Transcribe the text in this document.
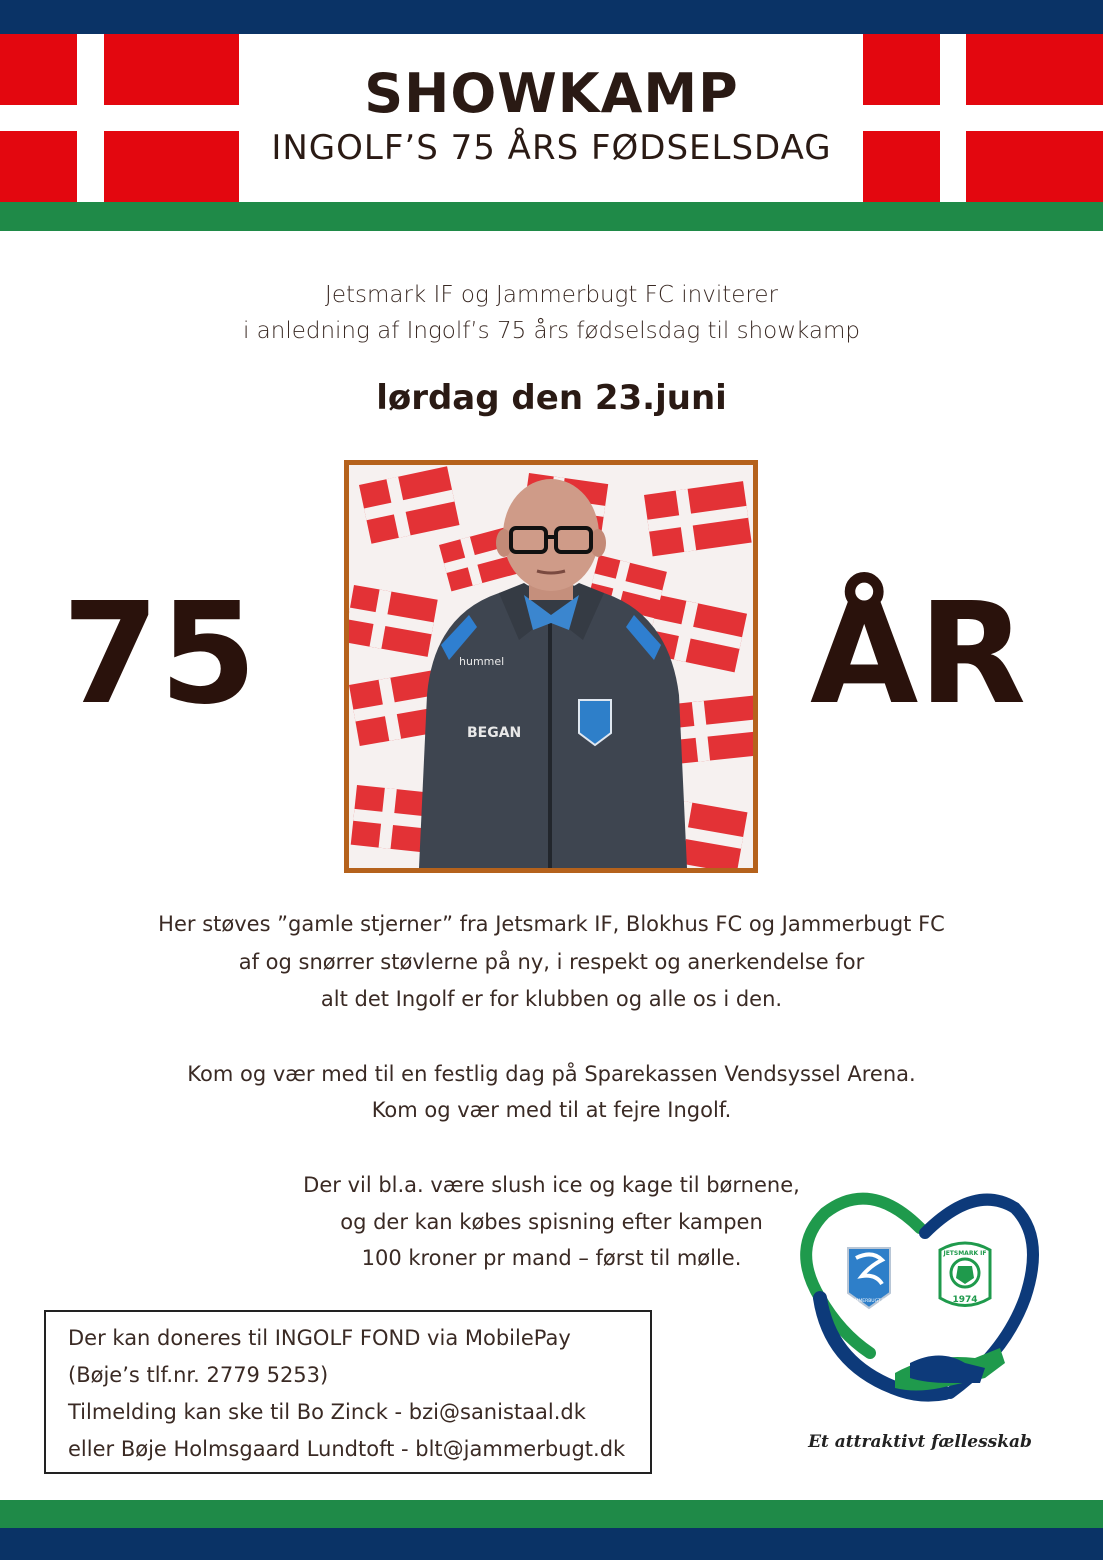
SHOWKAMP
INGOLF’S 75 ÅRS FØDSELSDAG
Jetsmark IF og Jammerbugt FC inviterer
i anledning af Ingolf’s 75 års fødselsdag til showkamp
lørdag den 23.juni
75	ÅR
BEGAN
hummel
Her støves ”gamle stjerner” fra Jetsmark IF, Blokhus FC og Jammerbugt FC
af og snørrer støvlerne på ny, i respekt og anerkendelse for
alt det Ingolf er for klubben og alle os i den.
Kom og vær med til en festlig dag på Sparekassen Vendsyssel Arena.
Kom og vær med til at fejre Ingolf.
Der vil bl.a. være slush ice og kage til børnene,
og der kan købes spisning efter kampen
100 kroner pr mand – først til mølle.
Der kan doneres til INGOLF FOND via MobilePay
(Bøje’s tlf.nr. 2779 5253)
Tilmelding kan ske til Bo Zinck - bzi@sanistaal.dk
eller Bøje Holmsgaard Lundtoft - blt@jammerbugt.dk
JAMMERBUGT FC
JETSMARK IF
1974
Et attraktivt fællesskab
